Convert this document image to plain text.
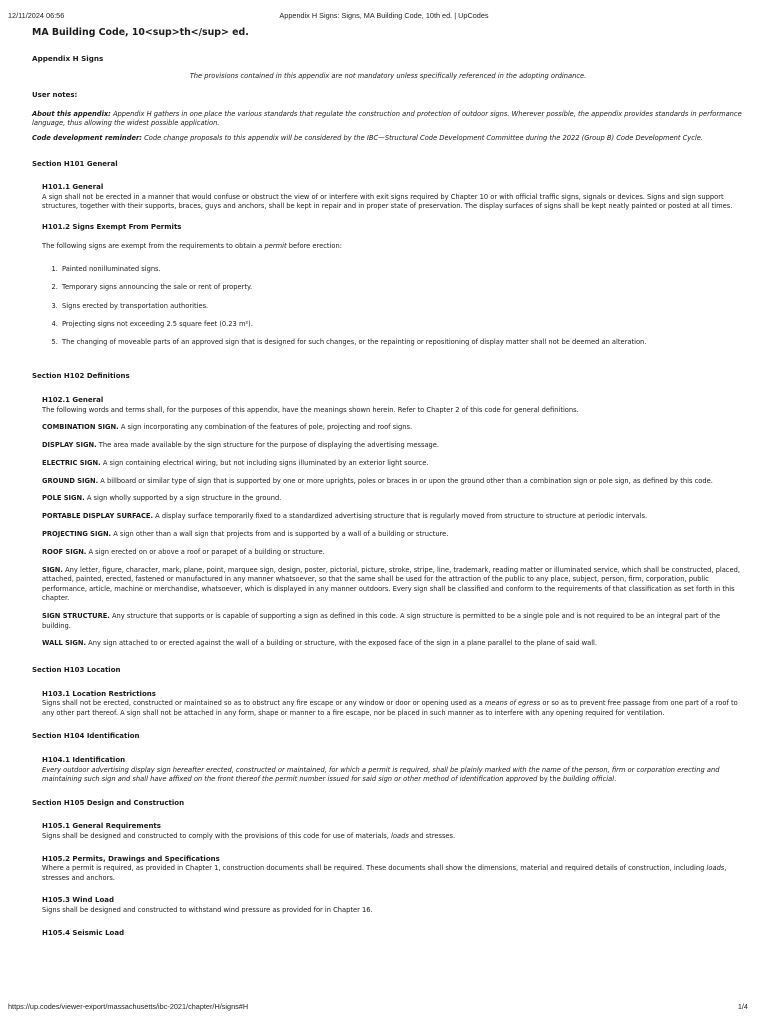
12/11/2024 06:56	Appendix H Signs: Signs, MA Building Code, 10th ed. | UpCodes
MA Building Code, 10<sup>th</sup> ed.
Appendix H Signs
The provisions contained in this appendix are not mandatory unless specifically referenced in the adopting ordinance.
User notes:
About this appendix: Appendix H gathers in one place the various standards that regulate the construction and protection of outdoor signs. Wherever possible, the appendix provides standards in performance language, thus allowing the widest possible application.
Code development reminder: Code change proposals to this appendix will be considered by the IBC—Structural Code Development Committee during the 2022 (Group B) Code Development Cycle.
Section H101 General
H101.1 General
A sign shall not be erected in a manner that would confuse or obstruct the view of or interfere with exit signs required by Chapter 10 or with official traffic signs, signals or devices. Signs and sign support structures, together with their supports, braces, guys and anchors, shall be kept in repair and in proper state of preservation. The display surfaces of signs shall be kept neatly painted or posted at all times.
H101.2 Signs Exempt From Permits
The following signs are exempt from the requirements to obtain a permit before erection:
1. Painted nonilluminated signs.
2. Temporary signs announcing the sale or rent of property.
3. Signs erected by transportation authorities.
4. Projecting signs not exceeding 2.5 square feet (0.23 m²).
5. The changing of moveable parts of an approved sign that is designed for such changes, or the repainting or repositioning of display matter shall not be deemed an alteration.
Section H102 Definitions
H102.1 General
The following words and terms shall, for the purposes of this appendix, have the meanings shown herein. Refer to Chapter 2 of this code for general definitions.
COMBINATION SIGN. A sign incorporating any combination of the features of pole, projecting and roof signs.
DISPLAY SIGN. The area made available by the sign structure for the purpose of displaying the advertising message.
ELECTRIC SIGN. A sign containing electrical wiring, but not including signs illuminated by an exterior light source.
GROUND SIGN. A billboard or similar type of sign that is supported by one or more uprights, poles or braces in or upon the ground other than a combination sign or pole sign, as defined by this code.
POLE SIGN. A sign wholly supported by a sign structure in the ground.
PORTABLE DISPLAY SURFACE. A display surface temporarily fixed to a standardized advertising structure that is regularly moved from structure to structure at periodic intervals.
PROJECTING SIGN. A sign other than a wall sign that projects from and is supported by a wall of a building or structure.
ROOF SIGN. A sign erected on or above a roof or parapet of a building or structure.
SIGN. Any letter, figure, character, mark, plane, point, marquee sign, design, poster, pictorial, picture, stroke, stripe, line, trademark, reading matter or illuminated service, which shall be constructed, placed, attached, painted, erected, fastened or manufactured in any manner whatsoever, so that the same shall be used for the attraction of the public to any place, subject, person, firm, corporation, public performance, article, machine or merchandise, whatsoever, which is displayed in any manner outdoors. Every sign shall be classified and conform to the requirements of that classification as set forth in this chapter.
SIGN STRUCTURE. Any structure that supports or is capable of supporting a sign as defined in this code. A sign structure is permitted to be a single pole and is not required to be an integral part of the building.
WALL SIGN. Any sign attached to or erected against the wall of a building or structure, with the exposed face of the sign in a plane parallel to the plane of said wall.
Section H103 Location
H103.1 Location Restrictions
Signs shall not be erected, constructed or maintained so as to obstruct any fire escape or any window or door or opening used as a means of egress or so as to prevent free passage from one part of a roof to any other part thereof. A sign shall not be attached in any form, shape or manner to a fire escape, nor be placed in such manner as to interfere with any opening required for ventilation.
Section H104 Identification
H104.1 Identification
Every outdoor advertising display sign hereafter erected, constructed or maintained, for which a permit is required, shall be plainly marked with the name of the person, firm or corporation erecting and maintaining such sign and shall have affixed on the front thereof the permit number issued for said sign or other method of identification approved by the building official.
Section H105 Design and Construction
H105.1 General Requirements
Signs shall be designed and constructed to comply with the provisions of this code for use of materials, loads and stresses.
H105.2 Permits, Drawings and Specifications
Where a permit is required, as provided in Chapter 1, construction documents shall be required. These documents shall show the dimensions, material and required details of construction, including loads, stresses and anchors.
H105.3 Wind Load
Signs shall be designed and constructed to withstand wind pressure as provided for in Chapter 16.
H105.4 Seismic Load
https://up.codes/viewer-export/massachusetts/ibc-2021/chapter/H/signs#H	1/4
